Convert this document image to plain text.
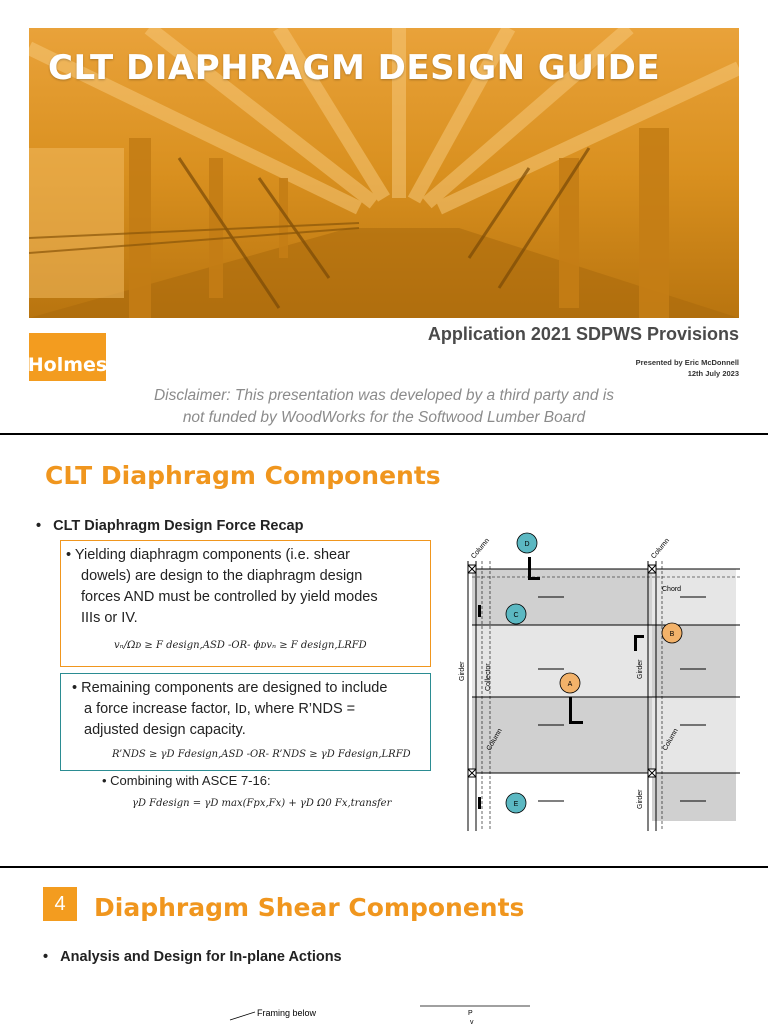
CLT DIAPHRAGM DESIGN GUIDE
Holmes
Application 2021 SDPWS Provisions
Presented by Eric McDonnell
12th July 2023
Disclaimer: This presentation was developed by a third party and is
not funded by WoodWorks for the Softwood Lumber Board
CLT Diaphragm Components
•   CLT Diaphragm Design Force Recap
• Yielding diaphragm components (i.e. shear
dowels) are design to the diaphragm design
forces AND must be controlled by yield modes
IIIs or IV.
vₙ/Ωᴅ ≥ F design,ASD -OR- ϕᴅvₙ ≥ F design,LRFD
• Remaining components are designed to include
a force increase factor, Iᴅ, where R’NDS =
adjusted design capacity.
R’NDS ≥ γD Fdesign,ASD -OR- R’NDS ≥ γD Fdesign,LRFD
• Combining with ASCE 7-16:
γD Fdesign = γD max(Fpx,Fx) + γD Ω0 Fx,transfer
Column	Column
Column	Column
Chord
Girder	Girder
Girder
Collector
D
C
B
A
E
4	Diaphragm Shear Components
•   Analysis and Design for In-plane Actions
Framing below	P
v
